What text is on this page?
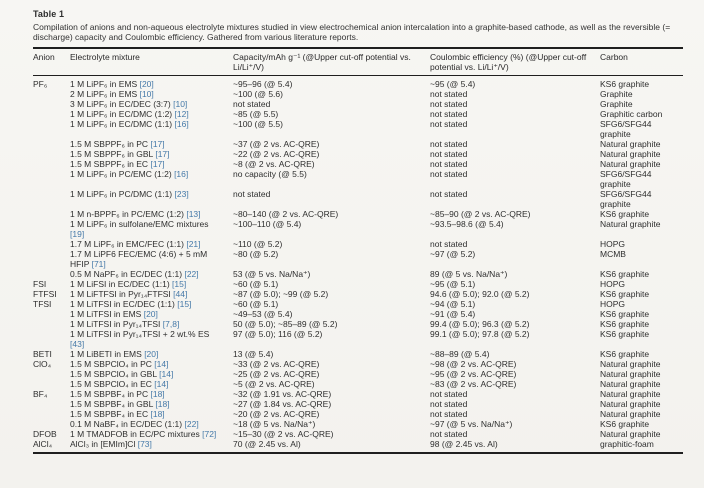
Table 1
Compilation of anions and non-aqueous electrolyte mixtures studied in view electrochemical anion intercalation into a graphite-based cathode, as well as the reversible (= discharge) capacity and Coulombic efficiency. Gathered from various literature reports.
Anion	Electrolyte mixture	Capacity/mAh g⁻¹ (@Upper cut-off potential vs. Li/Li⁺/V)	Coulombic efficiency (%) (@Upper cut-off potential vs. Li/Li⁺/V)	Carbon
PF₆	1 M LiPF₆ in EMS [20]	~95–96 (@ 5.4)	~95 (@ 5.4)	KS6 graphite
	2 M LiPF₆ in EMS [10]	~100 (@ 5.6)	not stated	Graphite
	3 M LiPF₆ in EC/DEC (3:7) [10]	not stated	not stated	Graphite
	1 M LiPF₆ in EC/DMC (1:2) [12]	~85 (@ 5.5)	not stated	Graphitic carbon
	1 M LiPF₆ in EC/DMC (1:1) [16]	~100 (@ 5.5)	not stated	SFG6/SFG44 graphite
	1.5 M SBPPF₆ in PC [17]	~37 (@ 2 vs. AC-QRE)	not stated	Natural graphite
	1.5 M SBPPF₆ in GBL [17]	~22 (@ 2 vs. AC-QRE)	not stated	Natural graphite
	1.5 M SBPPF₆ in EC [17]	~8 (@ 2 vs. AC-QRE)	not stated	Natural graphite
	1 M LiPF₆ in PC/EMC (1:2) [16]	no capacity (@ 5.5)	not stated	SFG6/SFG44 graphite
	1 M LiPF₆ in PC/DMC (1:1) [23]	not stated	not stated	SFG6/SFG44 graphite
	1 M n-BPPF₆ in PC/EMC (1:2) [13]	~80–140 (@ 2 vs. AC-QRE)	~85–90 (@ 2 vs. AC-QRE)	KS6 graphite
	1 M LiPF₆ in sulfolane/EMC mixtures [19]	~100–110 (@ 5.4)	~93.5–98.6 (@ 5.4)	Natural graphite
	1.7 M LiPF₆ in EMC/FEC (1:1) [21]	~110 (@ 5.2)	not stated	HOPG
	1.7 M LiPF6 FEC/EMC (4:6) + 5 mM HFIP [71]	~80 (@ 5.2)	~97 (@ 5.2)	MCMB
	0.5 M NaPF₆ in EC/DEC (1:1) [22]	53 (@ 5 vs. Na/Na⁺)	89 (@ 5 vs. Na/Na⁺)	KS6 graphite
FSI	1 M LiFSI in EC/DEC (1:1) [15]	~60 (@ 5.1)	~95 (@ 5.1)	HOPG
FTFSI	1 M LiFTFSI in Pyr₁₄FTFSI [44]	~87 (@ 5.0); ~99 (@ 5.2)	94.6 (@ 5.0); 92.0 (@ 5.2)	KS6 graphite
TFSI	1 M LiTFSI in EC/DEC (1:1) [15]	~60 (@ 5.1)	~94 (@ 5.1)	HOPG
	1 M LiTFSI in EMS [20]	~49–53 (@ 5.4)	~91 (@ 5.4)	KS6 graphite
	1 M LiTFSI in Pyr₁₄TFSI [7,8]	50 (@ 5.0); ~85–89 (@ 5.2)	99.4 (@ 5.0); 96.3 (@ 5.2)	KS6 graphite
	1 M LiTFSI in Pyr₁₄TFSI + 2 wt.% ES [43]	97 (@ 5.0); 116 (@ 5.2)	99.1 (@ 5.0); 97.8 (@ 5.2)	KS6 graphite
BETI	1 M LiBETI in EMS [20]	13 (@ 5.4)	~88–89 (@ 5.4)	KS6 graphite
ClO₄	1.5 M SBPClO₄ in PC [14]	~33 (@ 2 vs. AC-QRE)	~98 (@ 2 vs. AC-QRE)	Natural graphite
	1.5 M SBPClO₄ in GBL [14]	~25 (@ 2 vs. AC-QRE)	~95 (@ 2 vs. AC-QRE)	Natural graphite
	1.5 M SBPClO₄ in EC [14]	~5 (@ 2 vs. AC-QRE)	~83 (@ 2 vs. AC-QRE)	Natural graphite
BF₄	1.5 M SBPBF₄ in PC [18]	~32 (@ 1.91 vs. AC-QRE)	not stated	Natural graphite
	1.5 M SBPBF₄ in GBL [18]	~27 (@ 1.84 vs. AC-QRE)	not stated	Natural graphite
	1.5 M SBPBF₄ in EC [18]	~20 (@ 2 vs. AC-QRE)	not stated	Natural graphite
	0.1 M NaBF₄ in EC/DEC (1:1) [22]	~18 (@ 5 vs. Na/Na⁺)	~97 (@ 5 vs. Na/Na⁺)	KS6 graphite
DFOB	1 M TMADFOB in EC/PC mixtures [72]	~15–30 (@ 2 vs. AC-QRE)	not stated	Natural graphite
AlCl₄	AlCl₃ in [EMIm]Cl [73]	70 (@ 2.45 vs. Al)	98 (@ 2.45 vs. Al)	graphitic-foam
